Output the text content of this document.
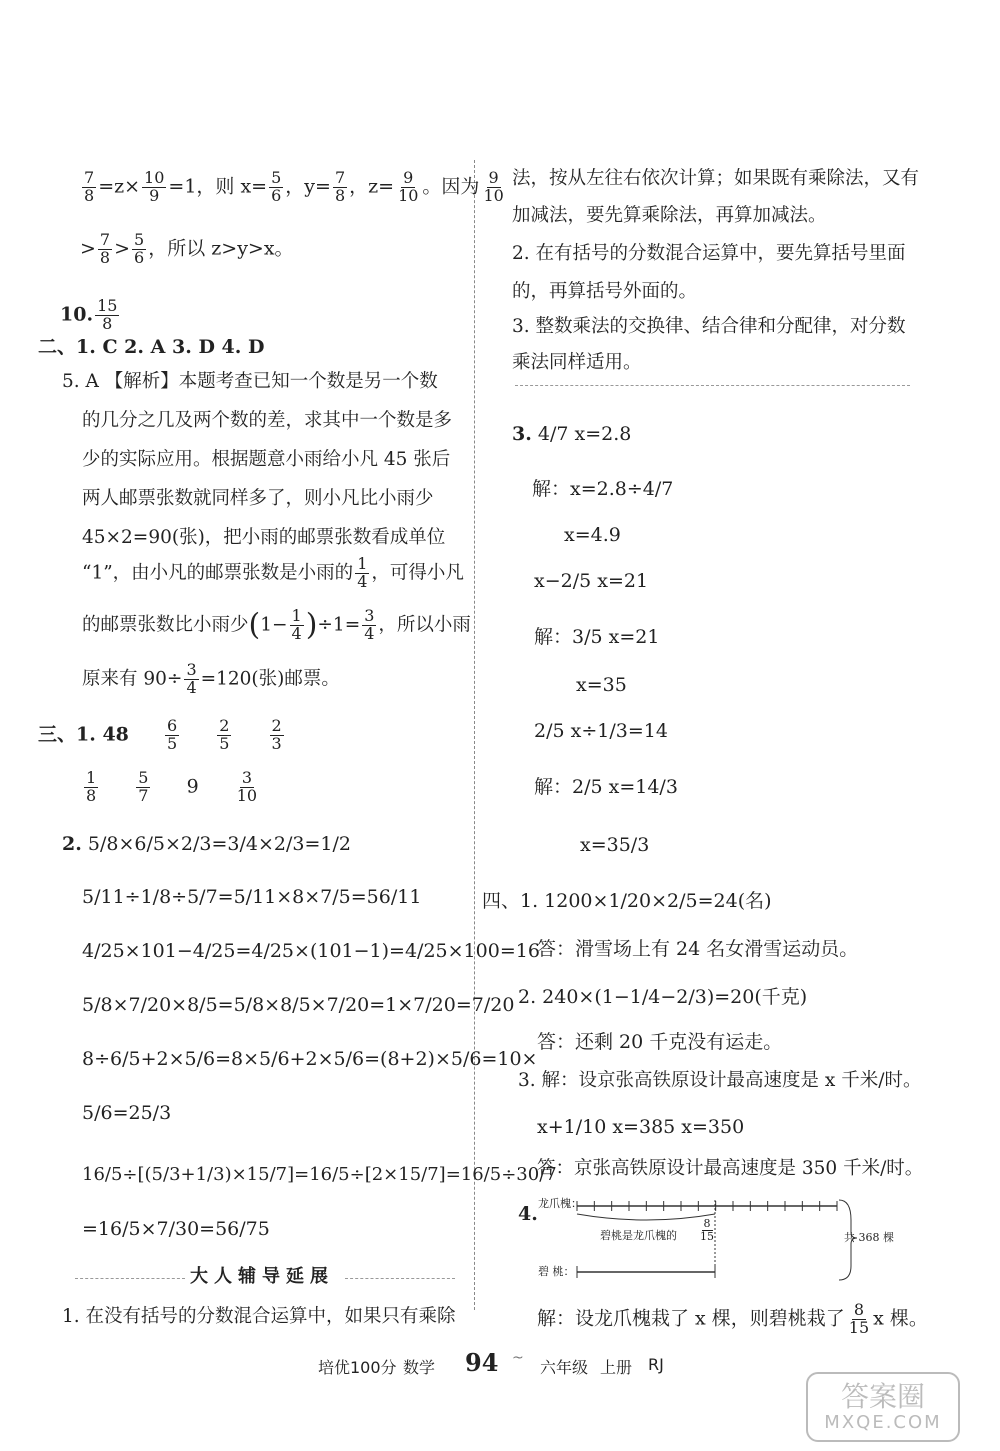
$\frac{7}{8} =z\times \frac{10}{9} =1$，则 $x= \frac{5}{6}$ ，$y= \frac{7}{8}$ ，$z= \frac{9}{10}$ 。因为 $\frac{9}{10}$
> $\frac{7}{8} > \frac{5}{6}$ ，所以 z>y>x。
10. $\frac{15}{8}$
二、1. C 2. A 3. D 4. D
5. A 【解析】本题考查已知一个数是另一个数
的几分之几及两个数的差，求其中一个数是多
少的实际应用。根据题意小雨给小凡 45 张后
两人邮票张数就同样多了，则小凡比小雨少
45×2=90(张)，把小雨的邮票张数看成单位
“1”，由小凡的邮票张数是小雨的 $\frac{1}{4}$ ，可得小凡
的邮票张数比小雨少$(1- \frac{1}{4} )\div 1= \frac{3}{4}$ ，所以小雨
原来有 $90\div \frac{3}{4} =120$(张)邮票。
三、1. $48 \frac{6}{5}$
$\frac{2}{5}$
$\frac{2}{3}$
$\frac{1}{8}$
$\frac{5}{7} 9 \frac{3}{10}$
2. 5/8×6/5×2/3=3/4×2/3=1/2
5/11÷1/8÷5/7=5/11×8×7/5=56/11
4/25×101−4/25=4/25×(101−1)=4/25×100=16
5/8×7/20×8/5=5/8×8/5×7/20=1×7/20=7/20
8÷6/5+2×5/6=8×5/6+2×5/6=(8+2)×5/6=10×
5/6=25/3
16/5÷[(5/3+1/3)×15/7]=16/5÷[2×15/7]=16/5÷30/7
=16/5×7/30=56/75
大人辅导延展
1. 在没有括号的分数混合运算中，如果只有乘除
法，按从左往右依次计算；如果既有乘除法，又有
加减法，要先算乘除法，再算加减法。
2. 在有括号的分数混合运算中，要先算括号里面
的，再算括号外面的。
3. 整数乘法的交换律、结合律和分配律，对分数
乘法同样适用。
3. 4/7 x=2.8
解：x=2.8÷4/7
x=4.9
x−2/5 x=21
解：3/5 x=21
x=35
2/5 x÷1/3=14
解：2/5 x=14/3
x=35/3
四、1. 1200×1/20×2/5=24(名)
答：滑雪场上有 24 名女滑雪运动员。
2. 240×(1−1/4−2/3)=20(千克)
答：还剩 20 千克没有运走。
3. 解：设京张高铁原设计最高速度是 x 千米/时。
x+1/10 x=385 x=350
答：京张高铁原设计最高速度是 350 千米/时。
4. 龙爪槐：
碧桃是龙爪槐的 $\frac{8}{15}$
碧 桃：
共 368 棵
解：设龙爪槐栽了 x 棵，则碧桃栽了 $\frac{8}{15}$ x 棵。
培优100分 数学 94 ~ 六年级 上册 RJ
答案圈
MXQE.COM
